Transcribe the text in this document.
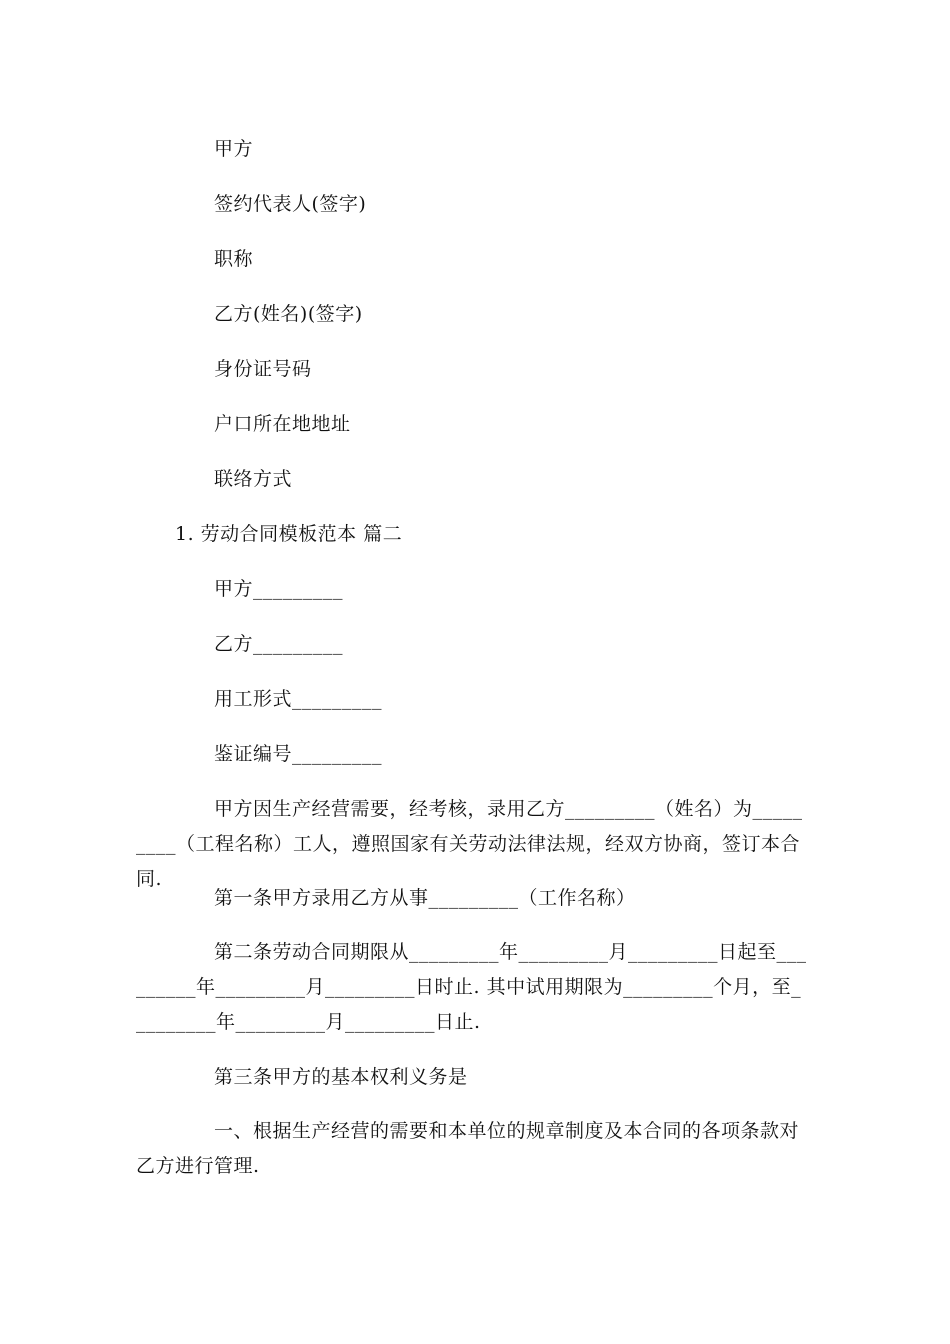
甲方
签约代表人(签字)
职称
乙方(姓名)(签字)
身份证号码
户口所在地地址
联络方式
1. 劳动合同模板范本 篇二
甲方_________
乙方_________
用工形式_________
鉴证编号_________
甲方因生产经营需要，经考核，录用乙方_________（姓名）为_________（工程名称）工人，遵照国家有关劳动法律法规，经双方协商，签订本合同.
第一条甲方录用乙方从事_________（工作名称）
第二条劳动合同期限从_________年_________月_________日起至_________年_________月_________日时止. 其中试用期限为_________个月，至_________年_________月_________日止.
第三条甲方的基本权利义务是
一、根据生产经营的需要和本单位的规章制度及本合同的各项条款对乙方进行管理.
